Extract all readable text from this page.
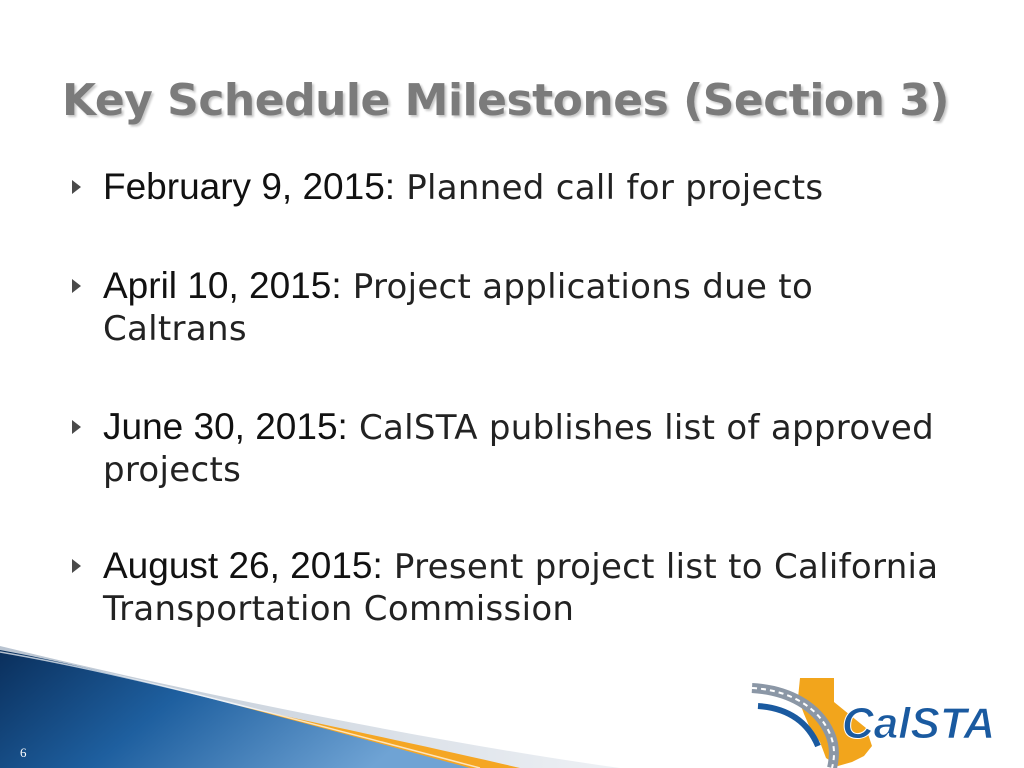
Key Schedule Milestones (Section 3)
February 9, 2015: Planned call for projects
April 10, 2015: Project applications due to Caltrans
June 30, 2015: CalSTA publishes list of approved projects
August 26, 2015: Present project list to California Transportation Commission
6
CalSTA
